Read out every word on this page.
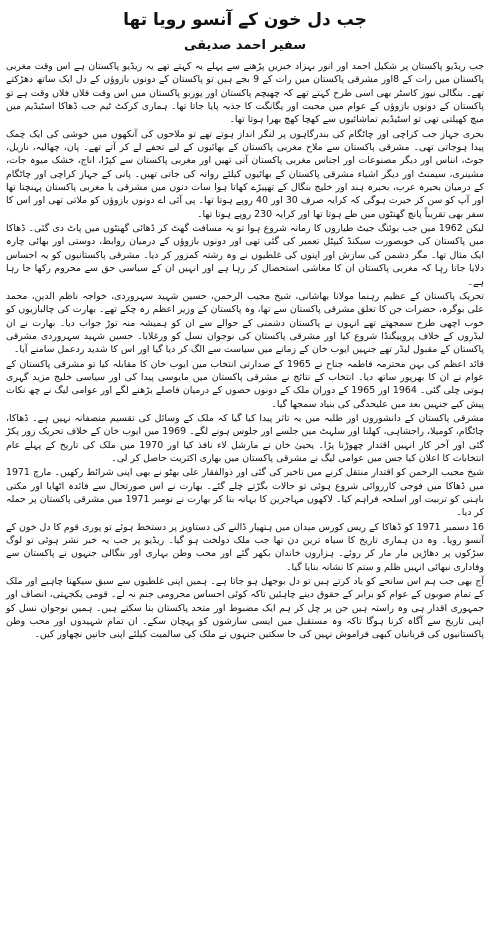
جب دل خون کے آنسو رویا تھا
سفیر احمد صدیقی

جب ریڈیو پاکستان پر شکیل احمد اور انور بہزاد خبریں پڑھنے سے پہلے یہ کہتے تھے یہ ریڈیو پاکستان ہے اس وقت مغربی پاکستان میں رات کے 8اور مشرقی پاکستان میں رات کے 9 بجے ہیں تو پاکستان کے دونوں بازوؤں کے دل ایک ساتھ دھڑکتے تھے۔ بنگالی نیوز کاسٹر بھی اسی طرح کہتے تھے کہ چھیچم پاکستان اور پوربو پاکستان میں اس وقت فلاں فلاں وقت ہے تو پاکستان کے دونوں بازوؤں کے عوام میں محبت اور یگانگت کا جذبہ پایا جاتا تھا۔ ہماری کرکٹ ٹیم جب ڈھاکا اسٹیڈیم میں میچ کھیلتی تھی تو اسٹیڈیم تماشائیوں سے کھچا کھچ بھرا ہوتا تھا۔

بحری جہاز جب کراچی اور چاٹگام کی بندرگاہوں پر لنگر انداز ہوتے تھے تو ملاحوں کی آنکھوں میں خوشی کی ایک چمک پیدا ہوجاتی تھی۔ مشرقی پاکستان سے ملاح مغربی پاکستان کے بھائیوں کے لیے تحفے لے کر آتے تھے۔ پان، چھالیہ، ناریل، جوٹ، انناس اور دیگر مصنوعات اور اجناس مغربی پاکستان آتی تھیں اور مغربی پاکستان سے کپڑا، اناج، خشک میوہ جات، مشینری، سیمنٹ اور دیگر اشیاء مشرقی پاکستان کے بھائیوں کیلئے روانہ کی جاتی تھیں۔ پانی کے جہاز کراچی اور چاٹگام کے درمیان بحیرہ عرب، بحیرہ ہند اور خلیج بنگال کے تھپیڑے کھاتا ہوا سات دنوں میں مشرقی یا مغربی پاکستان پہنچتا تھا اور آپ کو سن کر حیرت ہوگی کہ کرایہ صرف 30 اور 40 روپے ہوتا تھا۔ پی آئی اے دونوں بازوؤں کو ملاتی تھی اور اس کا سفر بھی تقریباً پانچ گھنٹوں میں طے ہوتا تھا اور کرایہ 230 روپے ہوتا تھا۔

لیکن 1962 میں جب بوئنگ جیٹ طیاروں کا زمانہ شروع ہوا تو یہ مسافت گھٹ کر ڈھائی گھنٹوں میں پاٹ دی گئی۔ ڈھاکا میں پاکستان کی خوبصورت سیکنڈ کیپٹل تعمیر کی گئی تھی اور دونوں بازوؤں کے درمیان روابط، دوستی اور بھائی چارہ ایک مثال تھا۔ مگر دشمن کی سازش اور اپنوں کی غلطیوں نے وہ رشتہ کمزور کر دیا۔ مشرقی پاکستانیوں کو یہ احساس دلایا جاتا رہا کہ مغربی پاکستان ان کا معاشی استحصال کر رہا ہے اور انہیں ان کے سیاسی حق سے محروم رکھا جا رہا ہے۔

تحریک پاکستان کے عظیم رہنما مولانا بھاشانی، شیخ مجیب الرحمن، حسین شہید سہروردی، خواجہ ناظم الدین، محمد علی بوگرہ، حضرات جن کا تعلق مشرقی پاکستان سے تھا، وہ پاکستان کے وزیر اعظم رہ چکے تھے۔ بھارت کی چالبازیوں کو خوب اچھی طرح سمجھتے تھے انہوں نے پاکستان دشمنی کے حوالے سے ان کو ہمیشہ منہ توڑ جواب دیا۔ بھارت نے ان لیڈروں کے خلاف پروپیگنڈا شروع کیا اور مشرقی پاکستان کی نوجوان نسل کو ورغلایا۔ حسین شہید سہروردی مشرقی پاکستان کے مقبول لیڈر تھے جنہیں ایوب خان کے زمانے میں سیاست سے الگ کر دیا گیا اور اس کا شدید ردعمل سامنے آیا۔

قائد اعظم کی بہن محترمہ فاطمہ جناح نے 1965 کے صدارتی انتخاب میں ایوب خان کا مقابلہ کیا تو مشرقی پاکستان کے عوام نے ان کا بھرپور ساتھ دیا۔ انتخاب کے نتائج نے مشرقی پاکستان میں مایوسی پیدا کی اور سیاسی خلیج مزید گہری ہوتی چلی گئی۔ 1964 اور 1965 کے دوران ملک کے دونوں حصوں کے درمیان فاصلے بڑھنے لگے اور عوامی لیگ نے چھ نکات پیش کیے جنہیں بعد میں علیحدگی کی بنیاد سمجھا گیا۔

مشرقی پاکستان کے دانشوروں اور طلبہ میں یہ تاثر پیدا کیا گیا کہ ملک کے وسائل کی تقسیم منصفانہ نہیں ہے۔ ڈھاکا، چاٹگام، کومیلا، راجشاہی، کھلنا اور سلہٹ میں جلسے اور جلوس ہونے لگے۔ 1969 میں ایوب خان کے خلاف تحریک زور پکڑ گئی اور آخر کار انہیں اقتدار چھوڑنا پڑا۔ یحییٰ خان نے مارشل لاء نافذ کیا اور 1970 میں ملک کی تاریخ کے پہلے عام انتخابات کا اعلان کیا جس میں عوامی لیگ نے مشرقی پاکستان میں بھاری اکثریت حاصل کر لی۔

شیخ مجیب الرحمن کو اقتدار منتقل کرنے میں تاخیر کی گئی اور ذوالفقار علی بھٹو نے بھی اپنی شرائط رکھیں۔ مارچ 1971 میں ڈھاکا میں فوجی کارروائی شروع ہوئی تو حالات بگڑتے چلے گئے۔ بھارت نے اس صورتحال سے فائدہ اٹھایا اور مکتی باہنی کو تربیت اور اسلحہ فراہم کیا۔ لاکھوں مہاجرین کا بہانہ بنا کر بھارت نے نومبر 1971 میں مشرقی پاکستان پر حملہ کر دیا۔

16 دسمبر 1971 کو ڈھاکا کے ریس کورس میدان میں ہتھیار ڈالنے کی دستاویز پر دستخط ہوئے تو پوری قوم کا دل خون کے آنسو رویا۔ وہ دن ہماری تاریخ کا سیاہ ترین دن تھا جب ملک دولخت ہو گیا۔ ریڈیو پر جب یہ خبر نشر ہوئی تو لوگ سڑکوں پر دھاڑیں مار مار کر روئے۔ ہزاروں خاندان بکھر گئے اور محب وطن بہاری اور بنگالی جنہوں نے پاکستان سے وفاداری نبھائی انہیں ظلم و ستم کا نشانہ بنایا گیا۔

آج بھی جب ہم اس سانحے کو یاد کرتے ہیں تو دل بوجھل ہو جاتا ہے۔ ہمیں اپنی غلطیوں سے سبق سیکھنا چاہیے اور ملک کے تمام صوبوں کے عوام کو برابر کے حقوق دینے چاہئیں تاکہ کوئی احساس محرومی جنم نہ لے۔ قومی یکجہتی، انصاف اور جمہوری اقدار ہی وہ راستہ ہیں جن پر چل کر ہم ایک مضبوط اور متحد پاکستان بنا سکتے ہیں۔ ہمیں نوجوان نسل کو اپنی تاریخ سے آگاہ کرنا ہوگا تاکہ وہ مستقبل میں ایسی سازشوں کو پہچان سکے۔ ان تمام شہیدوں اور محب وطن پاکستانیوں کی قربانیاں کبھی فراموش نہیں کی جا سکتیں جنہوں نے ملک کی سالمیت کیلئے اپنی جانیں نچھاور کیں۔
